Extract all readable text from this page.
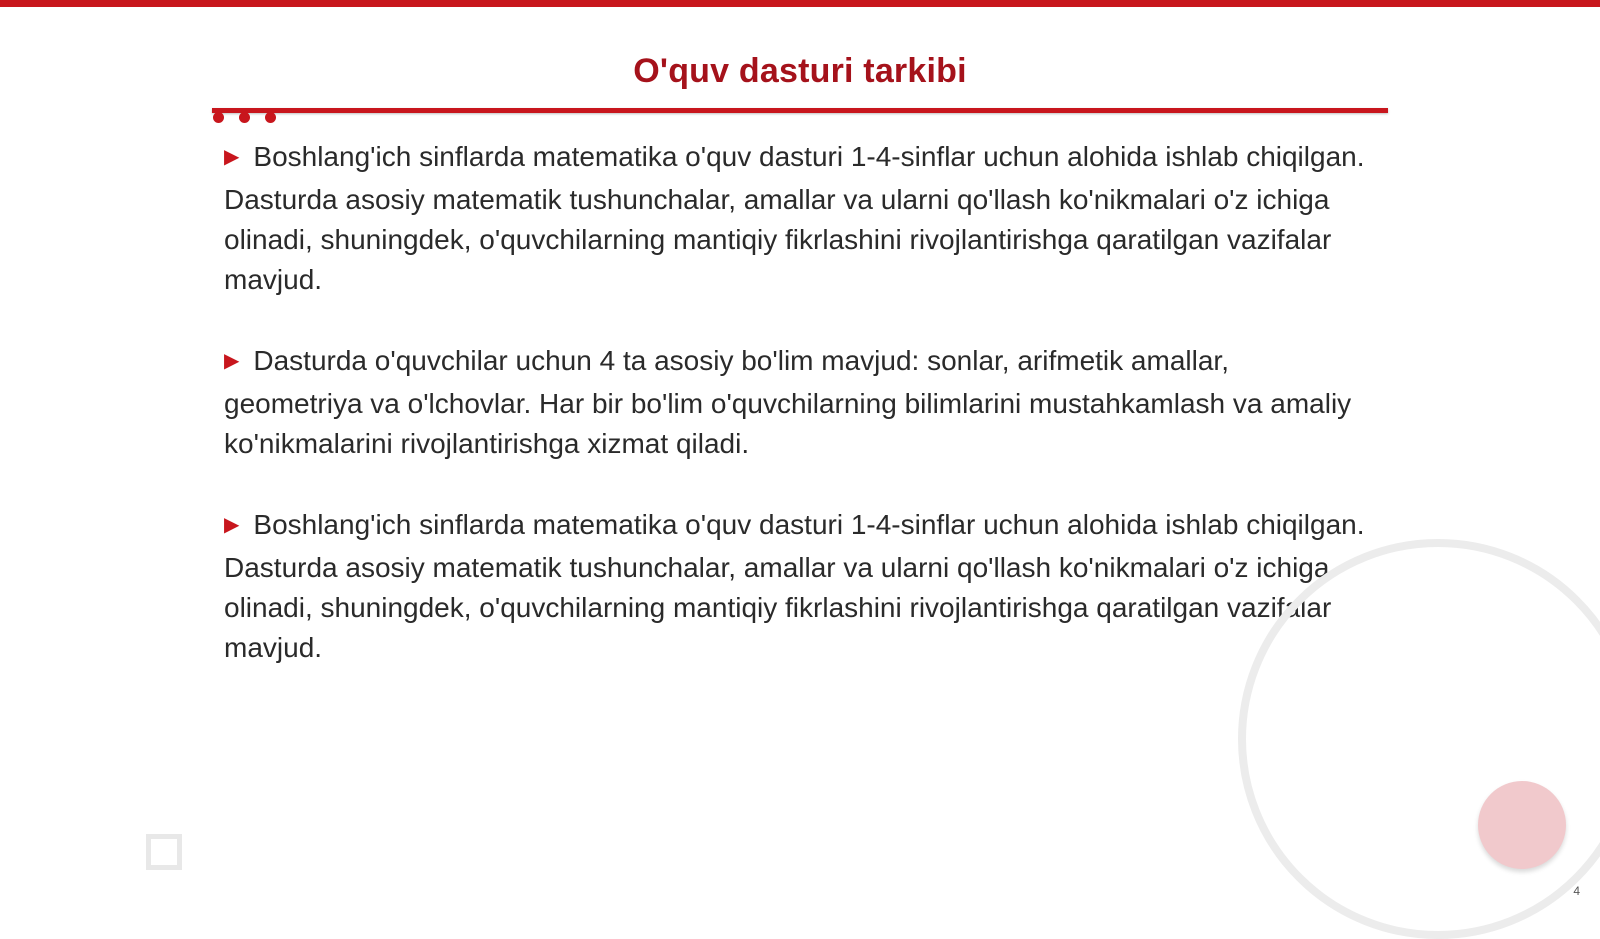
O'quv dasturi tarkibi

▶ Boshlang'ich sinflarda matematika o'quv dasturi 1-4-sinflar uchun alohida ishlab chiqilgan. Dasturda asosiy matematik tushunchalar, amallar va ularni qo'llash ko'nikmalari o'z ichiga olinadi, shuningdek, o'quvchilarning mantiqiy fikrlashini rivojlantirishga qaratilgan vazifalar mavjud.

▶ Dasturda o'quvchilar uchun 4 ta asosiy bo'lim mavjud: sonlar, arifmetik amallar, geometriya va o'lchovlar. Har bir bo'lim o'quvchilarning bilimlarini mustahkamlash va amaliy ko'nikmalarini rivojlantirishga xizmat qiladi.

▶ Boshlang'ich sinflarda matematika o'quv dasturi 1-4-sinflar uchun alohida ishlab chiqilgan. Dasturda asosiy matematik tushunchalar, amallar va ularni qo'llash ko'nikmalari o'z ichiga olinadi, shuningdek, o'quvchilarning mantiqiy fikrlashini rivojlantirishga qaratilgan vazifalar mavjud.

4
